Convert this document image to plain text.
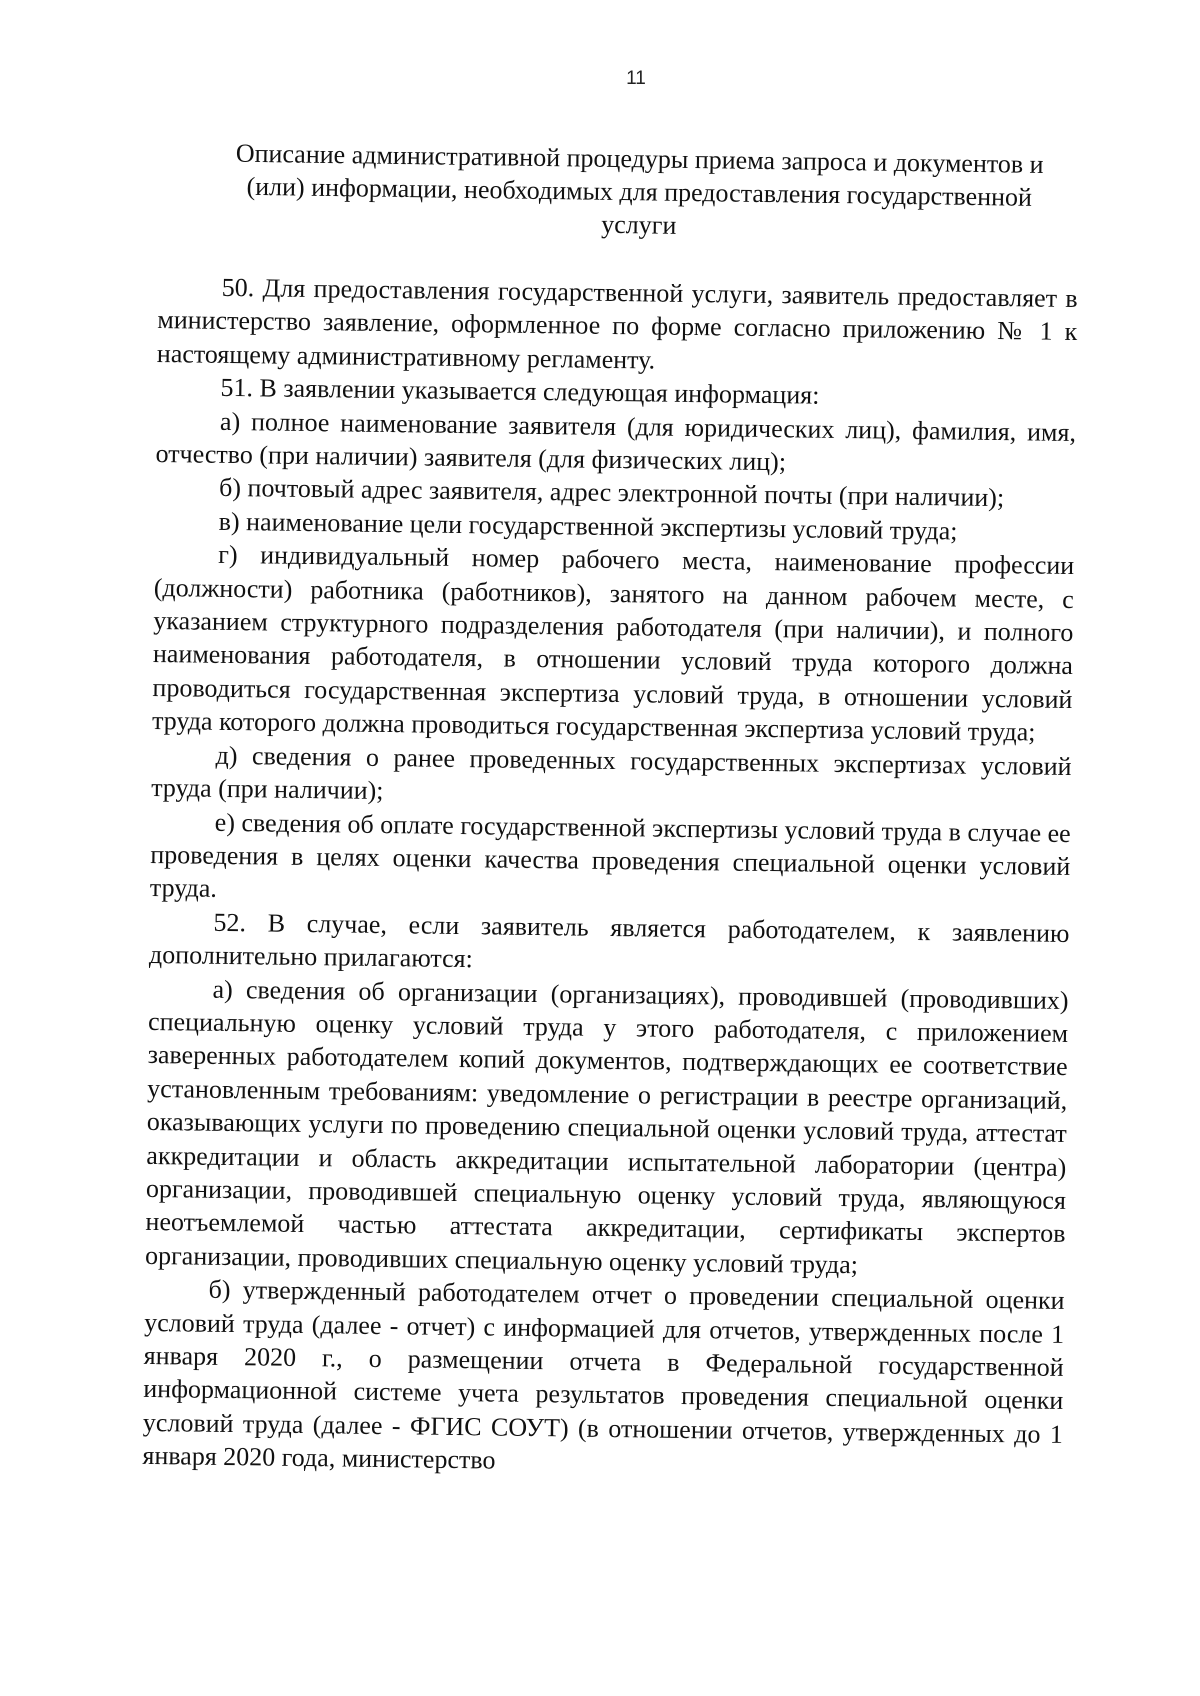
11
Описание административной процедуры приема запроса и документов и
(или) информации, необходимых для предоставления государственной
услуги

50. Для предоставления государственной услуги, заявитель предоставляет в министерство заявление, оформленное по форме согласно приложению № 1 к настоящему административному регламенту.

51. В заявлении указывается следующая информация:

а) полное наименование заявителя (для юридических лиц), фамилия, имя, отчество (при наличии) заявителя (для физических лиц);

б) почтовый адрес заявителя, адрес электронной почты (при наличии);

в) наименование цели государственной экспертизы условий труда;

г) индивидуальный номер рабочего места, наименование профессии (должности) работника (работников), занятого на данном рабочем месте, с указанием структурного подразделения работодателя (при наличии), и полного наименования работодателя, в отношении условий труда которого должна проводиться государственная экспертиза условий труда, в отношении условий труда которого должна проводиться государственная экспертиза условий труда;

д) сведения о ранее проведенных государственных экспертизах условий труда (при наличии);

е) сведения об оплате государственной экспертизы условий труда в случае ее проведения в целях оценки качества проведения специальной оценки условий труда.

52. В случае, если заявитель является работодателем, к заявлению дополнительно прилагаются:

а) сведения об организации (организациях), проводившей (проводивших) специальную оценку условий труда у этого работодателя, с приложением заверенных работодателем копий документов, подтверждающих ее соответствие установленным требованиям: уведомление о регистрации в реестре организаций, оказывающих услуги по проведению специальной оценки условий труда, аттестат аккредитации и область аккредитации испытательной лаборатории (центра) организации, проводившей специальную оценку условий труда, являющуюся неотъемлемой частью аттестата аккредитации, сертификаты экспертов организации, проводивших специальную оценку условий труда;

б) утвержденный работодателем отчет о проведении специальной оценки условий труда (далее - отчет) с информацией для отчетов, утвержденных после 1 января 2020 г., о размещении отчета в Федеральной государственной информационной системе учета результатов проведения специальной оценки условий труда (далее - ФГИС СОУТ) (в отношении отчетов, утвержденных до 1 января 2020 года, министерство
